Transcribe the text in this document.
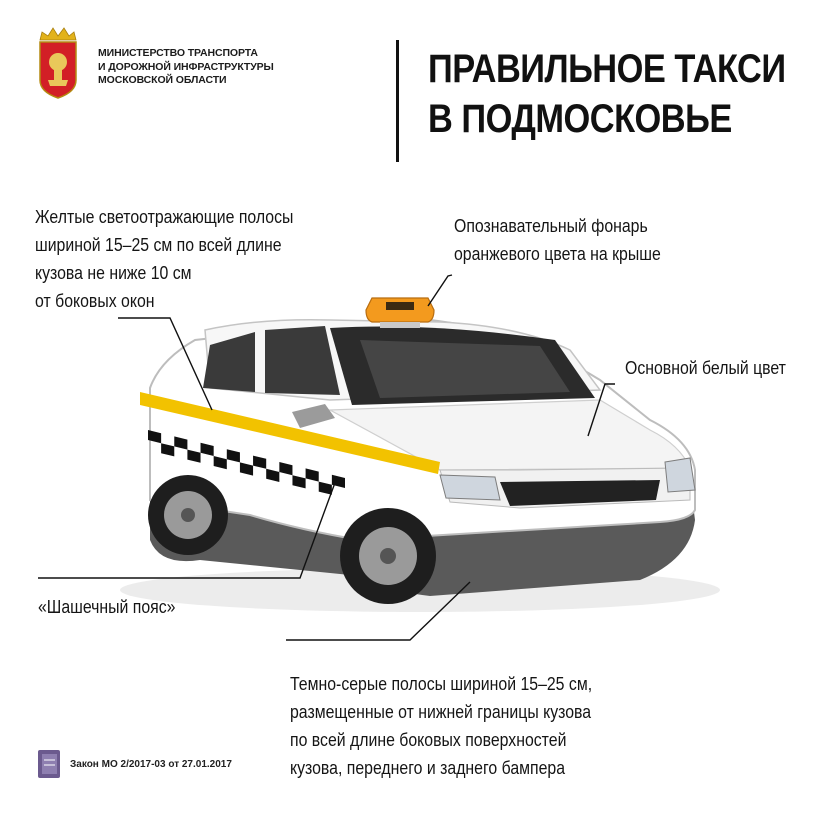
МИНИСТЕРСТВО ТРАНСПОРТА
И ДОРОЖНОЙ ИНФРАСТРУКТУРЫ
МОСКОВСКОЙ ОБЛАСТИ	ПРАВИЛЬНОЕ ТАКСИ
В ПОДМОСКОВЬЕ
Желтые светоотражающие полосы
шириной 15–25 см по всей длине
кузова не ниже 10 см
от боковых окон
Опознавательный фонарь
оранжевого цвета на крыше
Основной белый цвет
«Шашечный пояс»
Темно-серые полосы шириной 15–25 см,
размещенные от нижней границы кузова
по всей длине боковых поверхностей
кузова, переднего и заднего бампера
Закон МО 2/2017-03 от 27.01.2017
